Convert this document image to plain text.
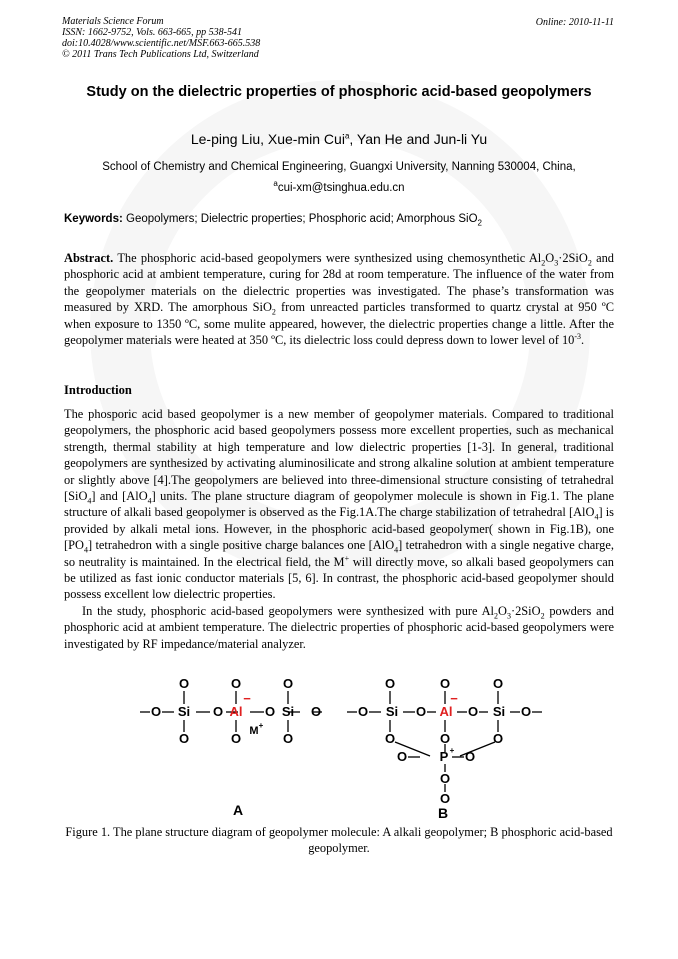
Materials Science Forum
ISSN: 1662-9752, Vols. 663-665, pp 538-541
doi:10.4028/www.scientific.net/MSF.663-665.538
© 2011 Trans Tech Publications Ltd, Switzerland
Online: 2010-11-11
Study on the dielectric properties of phosphoric acid-based geopolymers
Le-ping Liu, Xue-min Cui$^a$, Yan He and Jun-li Yu
School of Chemistry and Chemical Engineering, Guangxi University, Nanning 530004, China,
$^a$cui-xm@tsinghua.edu.cn
Keywords: Geopolymers; Dielectric properties; Phosphoric acid; Amorphous SiO$_2$
Abstract. The phosphoric acid-based geopolymers were synthesized using chemosynthetic $Al_2O_3\cdot 2SiO_2$ and phosphoric acid at ambient temperature, curing for 28d at room temperature. The influence of the water from the geopolymer materials on the dielectric properties was investigated. The phase’s transformation was measured by XRD. The amorphous SiO$_2$ from unreacted particles transformed to quartz crystal at 950 ºC when exposure to 1350 ºC, some mulite appeared, however, the dielectric properties change a little. After the geopolymer materials were heated at 350 ºC, its dielectric loss could depress down to lower level of $10^{-3}$.
Introduction

The phosporic acid based geopolymer is a new member of geopolymer materials. Compared to traditional geopolymers, the phosphoric acid based geopolymers possess more excellent properties, such as mechanical strength, thermal stability at high temperature and low dielectric properties [1-3]. In general, traditional geopolymers are synthesized by activating aluminosilicate and strong alkaline solution at ambient temperature or slightly above [4].The geopolymers are believed into three-dimensional structure consisting of tetrahedral [SiO$_4$] and [AlO$_4$] units. The plane structure diagram of geopolymer molecule is shown in Fig.1. The plane structure of alkali based geopolymer is observed as the Fig.1A.The charge stabilization of tetrahedral [AlO$_4$] is provided by alkali metal ions. However, in the phosphoric acid-based geopolymer( shown in Fig.1B), one $[PO_4]$ tetrahedron with a single positive charge balances one [AlO$_4$] tetrahedron with a single negative charge, so neutrality is maintained. In the electrical field, the M+ will directly move, so alkali based geopolymers can be utilized as fast ionic conductor materials [5, 6]. In contrast, the phosphoric acid-based geopolymer should possess excellent low dielectric properties.

In the study, phosphoric acid-based geopolymers were synthesized with pure $Al_2O_3\cdot 2SiO_2$ powders and phosphoric acid at ambient temperature. The dielectric properties of phosphoric acid-based geopolymers were investigated by RF impedance/material analyzer.

O
O
Si
O
O
O
Al
−
O M +
O
O
Si
O
O
A
O
O
Si
O
O
O
Al
−
O
O
O
Si
O
O
O	P + O
O
O
B
Figure 1. The plane structure diagram of geopolymer molecule: A alkali geopolymer; B phosphoric acid-based geopolymer.
